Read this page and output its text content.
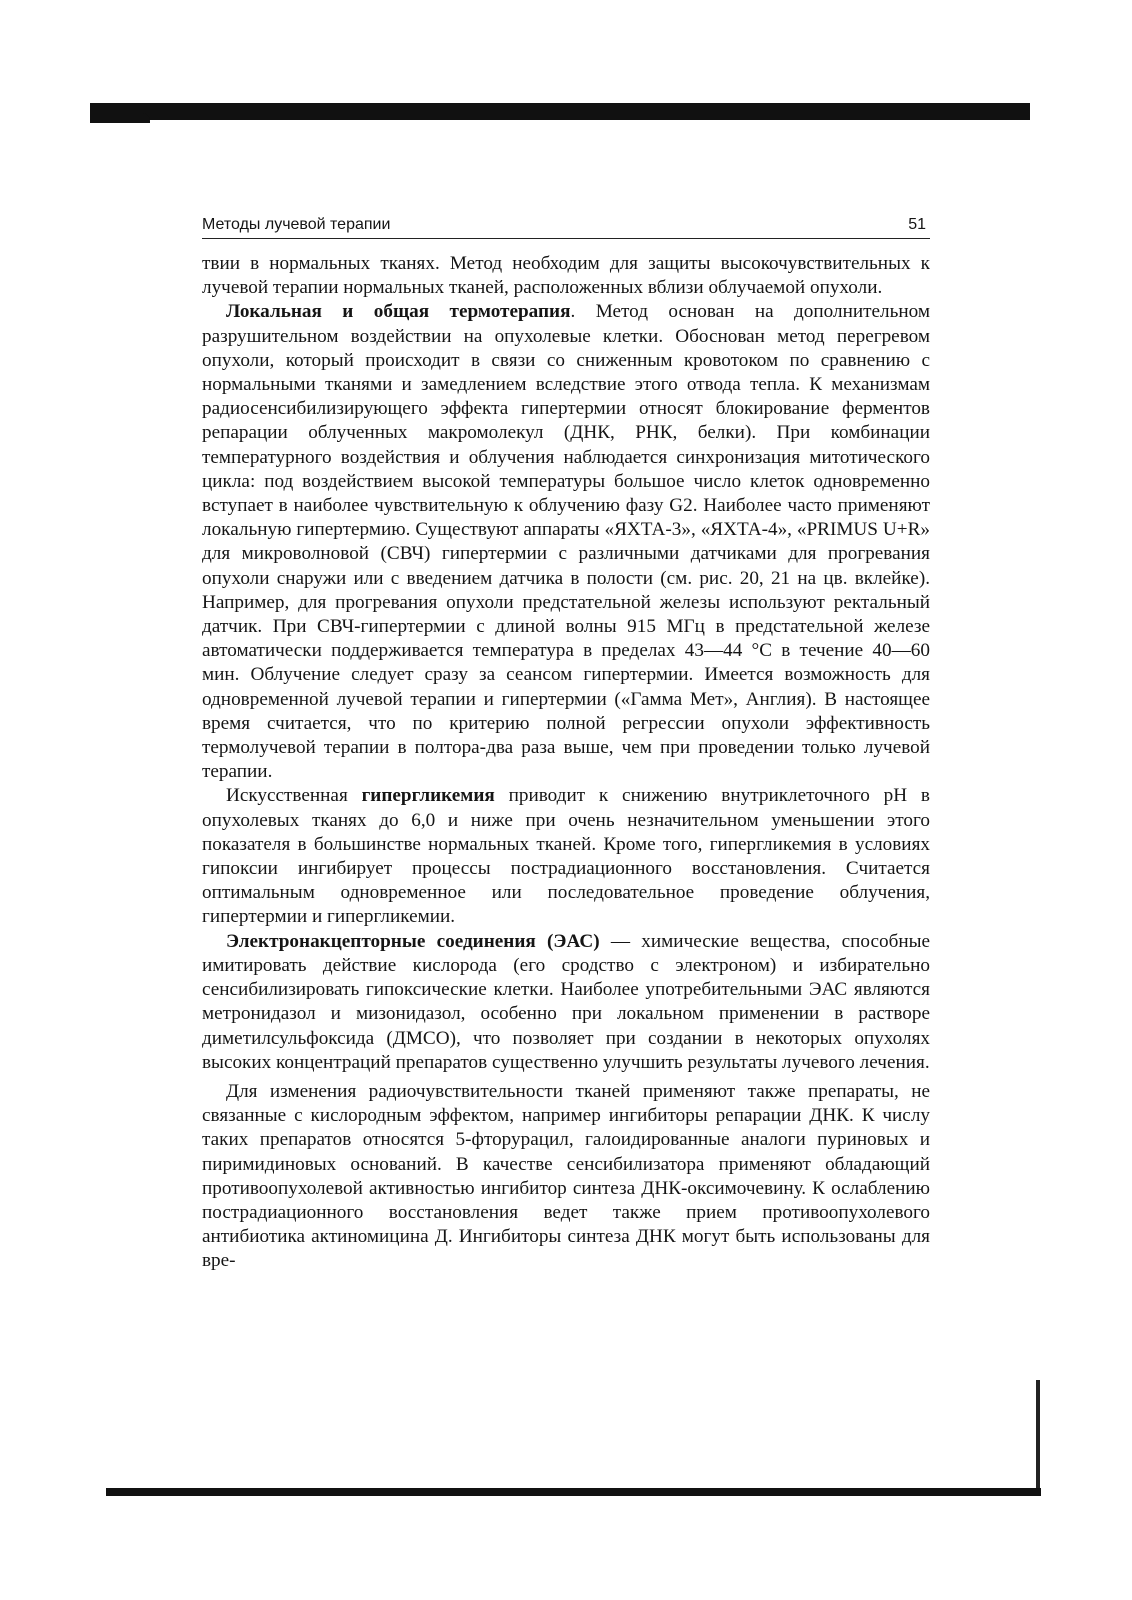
Методы лучевой терапии	51

твии в нормальных тканях. Метод необходим для защиты высокочувствительных к лучевой терапии нормальных тканей, расположенных вблизи облучаемой опухоли.

Локальная и общая термотерапия. Метод основан на дополнительном разрушительном воздействии на опухолевые клетки. Обоснован метод перегревом опухоли, который происходит в связи со сниженным кровотоком по сравнению с нормальными тканями и замедлением вследствие этого отвода тепла. К механизмам радиосенсибилизирующего эффекта гипертермии относят блокирование ферментов репарации облученных макромолекул (ДНК, РНК, белки). При комбинации температурного воздействия и облучения наблюдается синхронизация митотического цикла: под воздействием высокой температуры большое число клеток одновременно вступает в наиболее чувствительную к облучению фазу G2. Наиболее часто применяют локальную гипертермию. Существуют аппараты «ЯХТА-3», «ЯХТА-4», «PRIMUS U+R» для микроволновой (СВЧ) гипертермии с различными датчиками для прогревания опухоли снаружи или с введением датчика в полости (см. рис. 20, 21 на цв. вклейке). Например, для прогревания опухоли предстательной железы используют ректальный датчик. При СВЧ-гипертермии с длиной волны 915 МГц в предстательной железе автоматически поддерживается температура в пределах 43—44 °С в течение 40—60 мин. Облучение следует сразу за сеансом гипертермии. Имеется возможность для одновременной лучевой терапии и гипертермии («Гамма Мет», Англия). В настоящее время считается, что по критерию полной регрессии опухоли эффективность термолучевой терапии в полтора-два раза выше, чем при проведении только лучевой терапии.

Искусственная гипергликемия приводит к снижению внутриклеточного рН в опухолевых тканях до 6,0 и ниже при очень незначительном уменьшении этого показателя в большинстве нормальных тканей. Кроме того, гипергликемия в условиях гипоксии ингибирует процессы пострадиационного восстановления. Считается оптимальным одновременное или последовательное проведение облучения, гипертермии и гипергликемии.

Электронакцепторные соединения (ЭАС) — химические вещества, способные имитировать действие кислорода (его сродство с электроном) и избирательно сенсибилизировать гипоксические клетки. Наиболее употребительными ЭАС являются метронидазол и мизонидазол, особенно при локальном применении в растворе диметилсульфоксида (ДМСО), что позволяет при создании в некоторых опухолях высоких концентраций препаратов существенно улучшить результаты лучевого лечения.

Для изменения радиочувствительности тканей применяют также препараты, не связанные с кислородным эффектом, например ингибиторы репарации ДНК. К числу таких препаратов относятся 5-фторурацил, галоидированные аналоги пуриновых и пиримидиновых оснований. В качестве сенсибилизатора применяют обладающий противоопухолевой активностью ингибитор синтеза ДНК-оксимочевину. К ослаблению пострадиационного восстановления ведет также прием противоопухолевого антибиотика актиномицина Д. Ингибиторы синтеза ДНК могут быть использованы для вре-
